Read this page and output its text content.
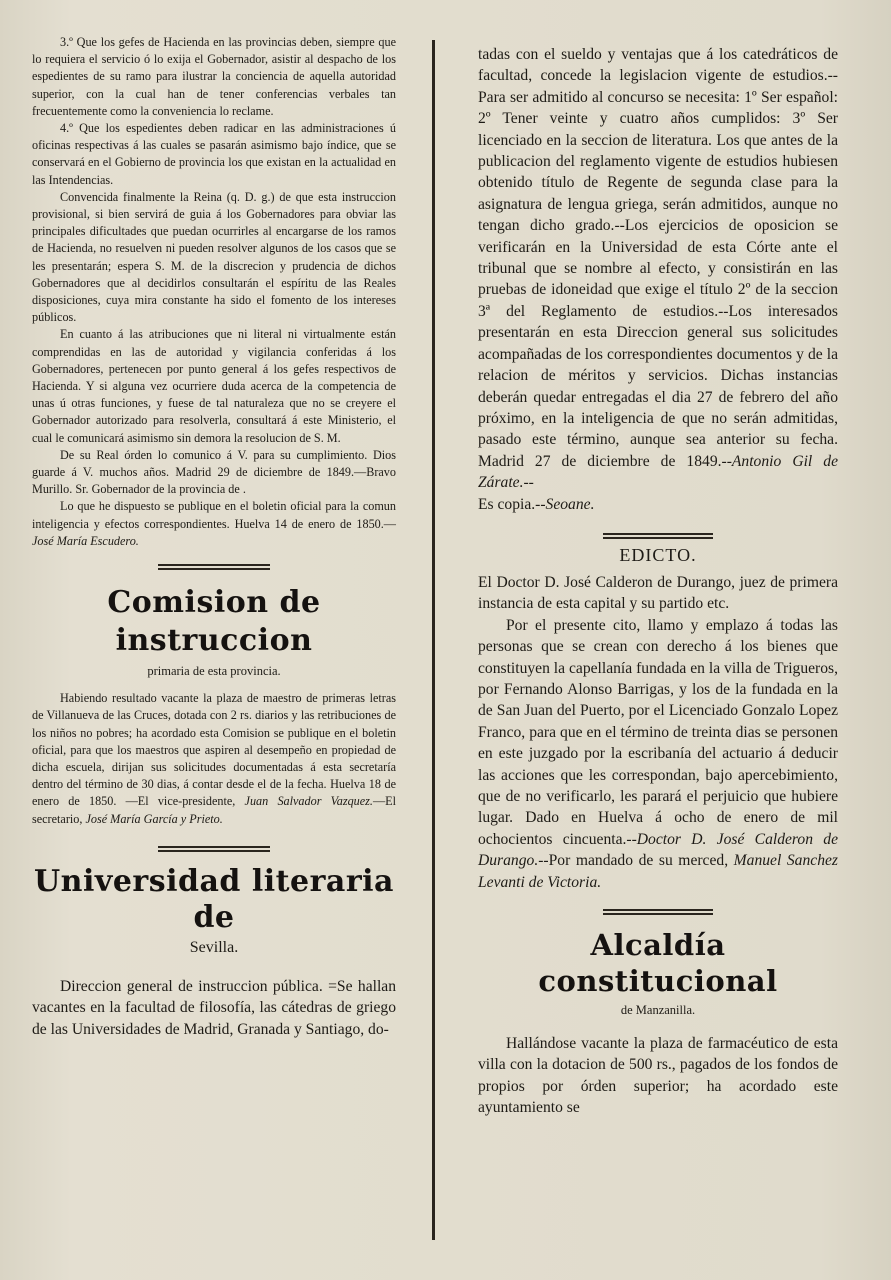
3.º Que los gefes de Hacienda en las provincias deben, siempre que lo requiera el servicio ó lo exija el Gobernador, asistir al despacho de los espedientes de su ramo para ilustrar la conciencia de aquella autoridad superior, con la cual han de tener conferencias verbales tan frecuentemente como la conveniencia lo reclame.

4.º Que los espedientes deben radicar en las administraciones ú oficinas respectivas á las cuales se pasarán asimismo bajo índice, que se conservará en el Gobierno de provincia los que existan en la actualidad en las Intendencias.

Convencida finalmente la Reina (q. D. g.) de que esta instruccion provisional, si bien servirá de guia á los Gobernadores para obviar las principales dificultades que puedan ocurrirles al encargarse de los ramos de Hacienda, no resuelven ni pueden resolver algunos de los casos que se les presentarán; espera S. M. de la discrecion y prudencia de dichos Gobernadores que al decidirlos consultarán el espíritu de las Reales disposiciones, cuya mira constante ha sido el fomento de los intereses públicos.

En cuanto á las atribuciones que ni literal ni virtualmente están comprendidas en las de autoridad y vigilancia conferidas á los Gobernadores, pertenecen por punto general á los gefes respectivos de Hacienda. Y si alguna vez ocurriere duda acerca de la competencia de unas ú otras funciones, y fuese de tal naturaleza que no se creyere el Gobernador autorizado para resolverla, consultará á este Ministerio, el cual le comunicará asimismo sin demora la resolucion de S. M.

De su Real órden lo comunico á V. para su cumplimiento. Dios guarde á V. muchos años. Madrid 29 de diciembre de 1849.—Bravo Murillo. Sr. Gobernador de la provincia de .

Lo que he dispuesto se publique en el boletin oficial para la comun inteligencia y efectos correspondientes. Huelva 14 de enero de 1850.—José María Escudero.

Comision de instruccion
primaria de esta provincia.

Habiendo resultado vacante la plaza de maestro de primeras letras de Villanueva de las Cruces, dotada con 2 rs. diarios y las retribuciones de los niños no pobres; ha acordado esta Comision se publique en el boletin oficial, para que los maestros que aspiren al desempeño en propiedad de dicha escuela, dirijan sus solicitudes documentadas á esta secretaría dentro del término de 30 dias, á contar desde el de la fecha. Huelva 18 de enero de 1850. —El vice-presidente, Juan Salvador Vazquez.—El secretario, José María García y Prieto.

Universidad literaria de
Sevilla.

Direccion general de instruccion pública. =Se hallan vacantes en la facultad de filosofía, las cátedras de griego de las Universidades de Madrid, Granada y Santiago, do-

tadas con el sueldo y ventajas que á los catedráticos de facultad, concede la legislacion vigente de estudios.--Para ser admitido al concurso se necesita: 1º Ser español: 2º Tener veinte y cuatro años cumplidos: 3º Ser licenciado en la seccion de literatura. Los que antes de la publicacion del reglamento vigente de estudios hubiesen obtenido título de Regente de segunda clase para la asignatura de lengua griega, serán admitidos, aunque no tengan dicho grado.--Los ejercicios de oposicion se verificarán en la Universidad de esta Córte ante el tribunal que se nombre al efecto, y consistirán en las pruebas de idoneidad que exige el título 2º de la seccion 3ª del Reglamento de estudios.--Los interesados presentarán en esta Direccion general sus solicitudes acompañadas de los correspondientes documentos y de la relacion de méritos y servicios. Dichas instancias deberán quedar entregadas el dia 27 de febrero del año próximo, en la inteligencia de que no serán admitidas, pasado este término, aunque sea anterior su fecha. Madrid 27 de diciembre de 1849.--Antonio Gil de Zárate.--
Es copia.--Seoane.

EDICTO.

El Doctor D. José Calderon de Durango, juez de primera instancia de esta capital y su partido etc.

Por el presente cito, llamo y emplazo á todas las personas que se crean con derecho á los bienes que constituyen la capellanía fundada en la villa de Trigueros, por Fernando Alonso Barrigas, y los de la fundada en la de San Juan del Puerto, por el Licenciado Gonzalo Lopez Franco, para que en el término de treinta dias se personen en este juzgado por la escribanía del actuario á deducir las acciones que les correspondan, bajo apercebimiento, que de no verificarlo, les parará el perjuicio que hubiere lugar. Dado en Huelva á ocho de enero de mil ochocientos cincuenta.--Doctor D. José Calderon de Durango.--Por mandado de su merced, Manuel Sanchez Levanti de Victoria.

Alcaldía constitucional
de Manzanilla.

Hallándose vacante la plaza de farmacéutico de esta villa con la dotacion de 500 rs., pagados de los fondos de propios por órden superior; ha acordado este ayuntamiento se
